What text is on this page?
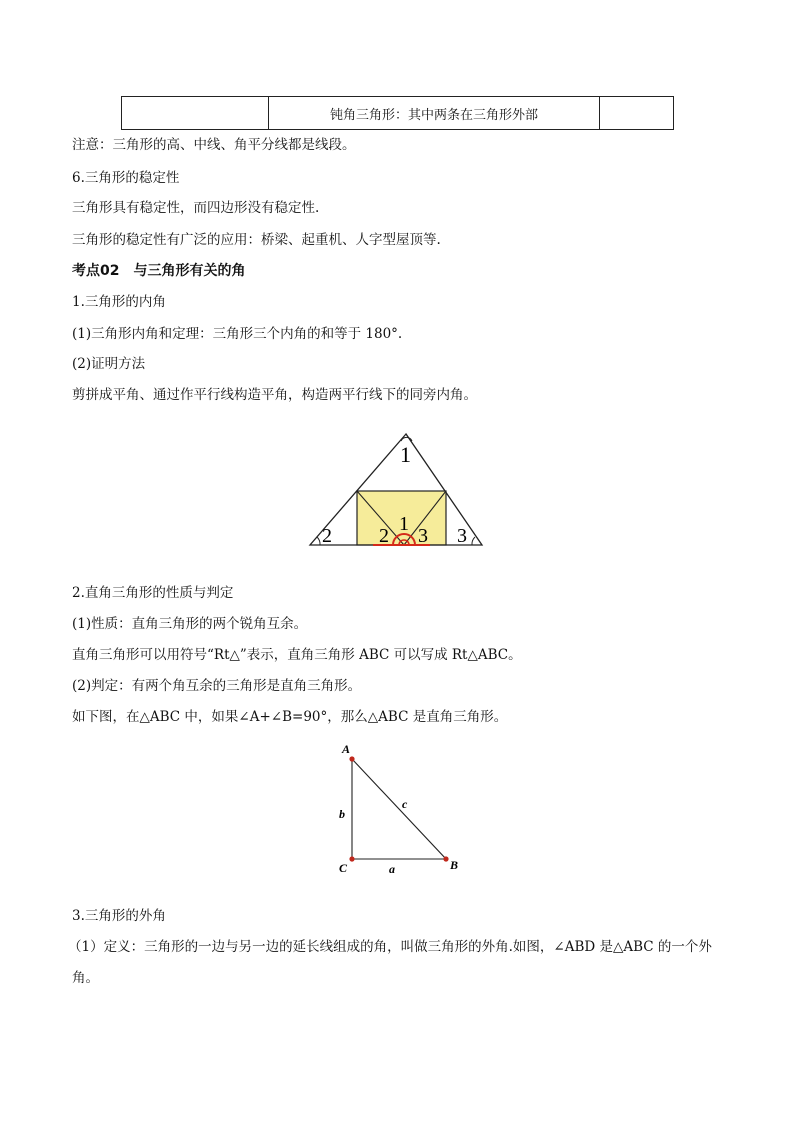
	钝角三角形：其中两条在三角形外部	
注意：三角形的高、中线、角平分线都是线段。
6.三角形的稳定性
三角形具有稳定性，而四边形没有稳定性.
三角形的稳定性有广泛的应用：桥梁、起重机、人字型屋顶等.
考点02　与三角形有关的角
1.三角形的内角
(1)三角形内角和定理：三角形三个内角的和等于 180°.
(2)证明方法
剪拼成平角、通过作平行线构造平角，构造两平行线下的同旁内角。
1
2	3
1
2 3
2.直角三角形的性质与判定
(1)性质：直角三角形的两个锐角互余。
直角三角形可以用符号“Rt△”表示，直角三角形 ABC 可以写成 Rt△ABC。
(2)判定：有两个角互余的三角形是直角三角形。
如下图，在△ABC 中，如果∠A+∠B=90°，那么△ABC 是直角三角形。
A
C	B
b
a
c
3.三角形的外角
（1）定义：三角形的一边与另一边的延长线组成的角，叫做三角形的外角.如图，∠ABD 是△ABC 的一个外
角。
